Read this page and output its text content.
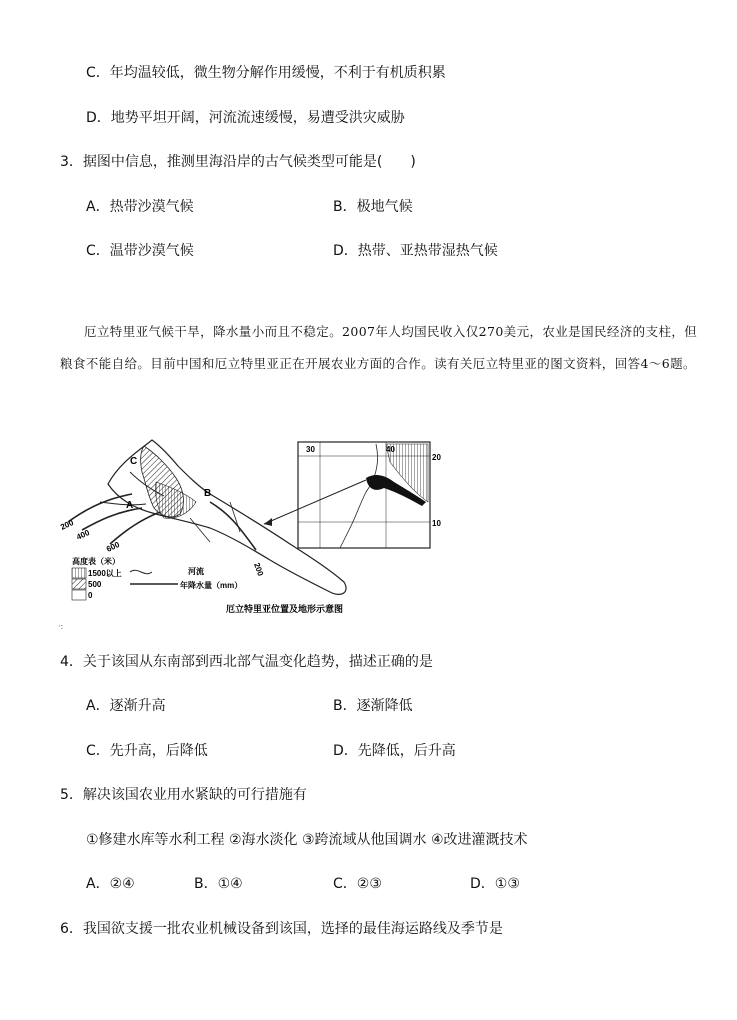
C．年均温较低，微生物分解作用缓慢，不利于有机质积累
D．地势平坦开阔，河流流速缓慢，易遭受洪灾威胁
3．据图中信息，推测里海沿岸的古气候类型可能是(　　)
A．热带沙漠气候	B．极地气候
C．温带沙漠气候	D．热带、亚热带湿热气候

厄立特里亚气候干旱，降水量小而且不稳定。2007年人均国民收入仅270美元，农业是国民经济的支柱，但粮食不能自给。目前中国和厄立特里亚正在开展农业方面的合作。读有关厄立特里亚的图文资料，回答4～6题。

C
A
B
200
400
600
200
高度表（米）
1500以上
500
0
河流
年降水量（mm）
厄立特里亚位置及地形示意图
30
20
10
·:
4．关于该国从东南部到西北部气温变化趋势，描述正确的是
A．逐渐升高	B．逐渐降低
C．先升高，后降低	D．先降低，后升高
5．解决该国农业用水紧缺的可行措施有
①修建水库等水利工程 ②海水淡化 ③跨流域从他国调水 ④改进灌溉技术
A．②④	B．①④	C．②③	D．①③
6．我国欲支援一批农业机械设备到该国，选择的最佳海运路线及季节是
